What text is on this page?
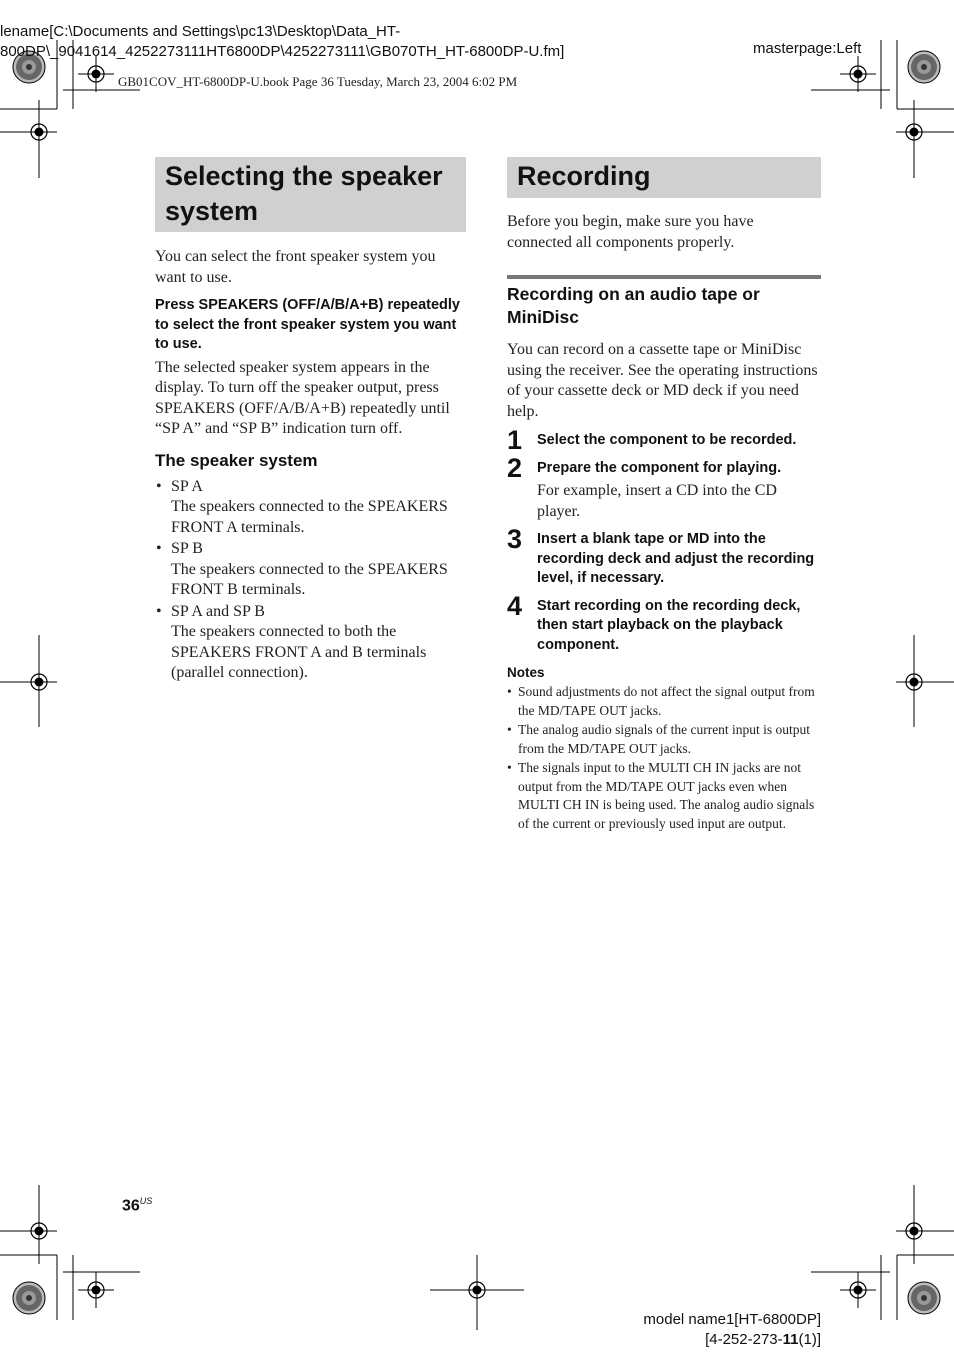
lename[C:\Documents and Settings\pc13\Desktop\Data_HT-
800DP\_9041614_4252273111HT6800DP\4252273111\GB070TH_HT-6800DP-U.fm]	masterpage:Left
GB01COV_HT-6800DP-U.book Page 36 Tuesday, March 23, 2004 6:02 PM
Selecting the speaker system
You can select the front speaker system you want to use.
Press SPEAKERS (OFF/A/B/A+B) repeatedly to select the front speaker system you want to use.
The selected speaker system appears in the display. To turn off the speaker output, press SPEAKERS (OFF/A/B/A+B) repeatedly until “SP A” and “SP B” indication turn off.
The speaker system
• SP A
The speakers connected to the SPEAKERS FRONT A terminals.
• SP B
The speakers connected to the SPEAKERS FRONT B terminals.
• SP A and SP B
The speakers connected to both the SPEAKERS FRONT A and B terminals (parallel connection).
Recording
Before you begin, make sure you have connected all components properly.
Recording on an audio tape or MiniDisc
You can record on a cassette tape or MiniDisc using the receiver. See the operating instructions of your cassette deck or MD deck if you need help.
1 Select the component to be recorded.
2 Prepare the component for playing.
For example, insert a CD into the CD player.
3 Insert a blank tape or MD into the recording deck and adjust the recording level, if necessary.
4 Start recording on the recording deck, then start playback on the playback component.
Notes
• Sound adjustments do not affect the signal output from the MD/TAPE OUT jacks.
• The analog audio signals of the current input is output from the MD/TAPE OUT jacks.
• The signals input to the MULTI CH IN jacks are not output from the MD/TAPE OUT jacks even when MULTI CH IN is being used. The analog audio signals of the current or previously used input are output.
$36^{US}$
model name1[HT-6800DP]
[4-252-273-11(1)]
